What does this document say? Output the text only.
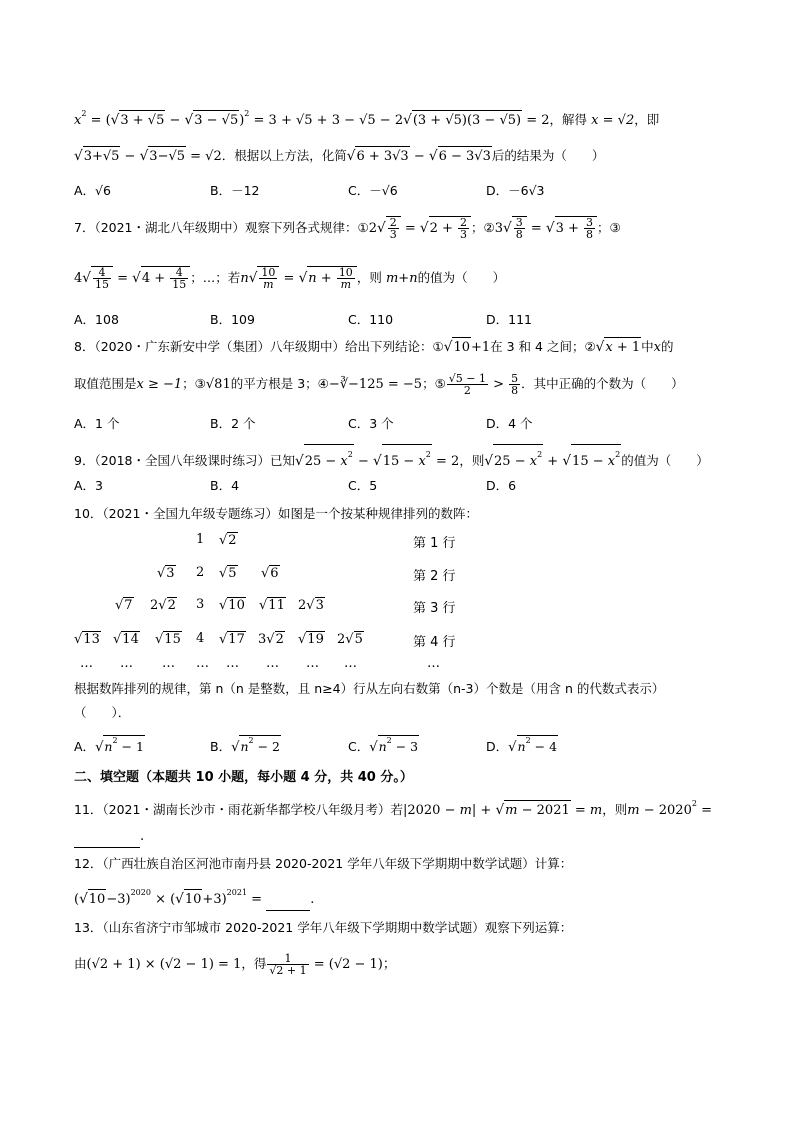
$x^2 = (√3 + √5 - √3 - √5)^2 = 3 + √5 + 3 - √5 - 2√(3 + √5)(3 - √5) = 2$，解得 x = √2，即
√3+√5 − √3−√5 = √2．根据以上方法，化简√6 + 3√3 − √6 − 3√3后的结果为（　　）
A．√6	B．－12	C．－√6	D．－6√3
7．（2021・湖北八年级期中）观察下列各式规律：①2√ $\frac{2}{3} = √2 + \frac{2}{3}$ ；②3√ $\frac{3}{8} = √3 + \frac{3}{8}$ ；③
$4√ \frac{4}{15} = √4 + \frac{4}{15}$ ；…；若$n√ \frac{10}{m} = √n + \frac{10}{m}$ ，则 m+n的值为（　　）
A．108	B．109	C．110	D．111
8．（2020・广东新安中学（集团）八年级期中）给出下列结论：①√10+1在 3 和 4 之间；②√x + 1中x的
取值范围是x ≥ −1；③√81的平方根是 3；④−∛−125 = −5；⑤ $\frac{√5 - 1}{2} > \frac{5}{8}$ ．其中正确的个数为（　　）
A．1 个	B．2 个	C．3 个	D．4 个
9．（2018・全国八年级课时练习）已知$√25 - x^2 - √15 - x^2 = 2$，则$√25 - x^2 + √15 - x^2$的值为（　　）
A．3	B．4	C．5	D．6
10．（2021・全国九年级专题练习）如图是一个按某种规律排列的数阵：
1 √2	第 1 行
√3 2 √5 √6	第 2 行
√7 2√2 3 √10 √11 2√3	第 3 行
√13 √14 √15 4 √17 3√2 √19 2√5	第 4 行
… … … … … … … …	…
根据数阵排列的规律，第 n（n 是整数，且 n≥4）行从左向右数第（n-3）个数是（用含 n 的代数式表示）
（　　）．
A．$√n^2 - 1$	B．$√n^2 - 2$	C．$√n^2 - 3$	D．$√n^2 - 4$
二、填空题（本题共 10 小题，每小题 4 分，共 40 分。）
11．（2021・湖南长沙市・雨花新华都学校八年级月考）若|2020 − m| + √m − 2021 = m，则$m - 2020^2$ =
.
12．（广西壮族自治区河池市南丹县 2020-2021 学年八年级下学期期中数学试题）计算：
$(√10-3)^{2020} \times (√10+3)^{2021}$ =	.
13．（山东省济宁市邹城市 2020-2021 学年八年级下学期期中数学试题）观察下列运算：
由(√2 + 1) × (√2 − 1) = 1，得 $\frac{1}{√2 + 1} = (√2 - 1)$；
